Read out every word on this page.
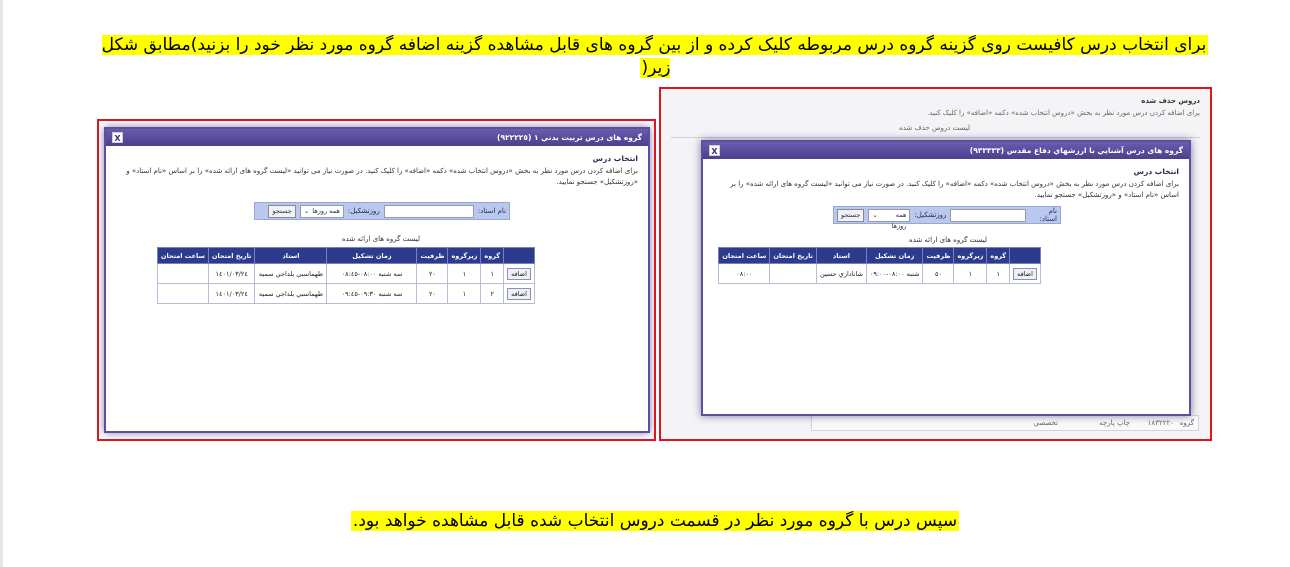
برای انتخاب درس کافیست روی گزینه گروه درس مربوطه کلیک کرده و از بین گروه های قابل مشاهده گزینه اضافه گروه مورد نظر خود را بزنید)مطابق شکل زیر(
گروه های درس تربیت بدني ١ (٩٢٢٢٢٥)
X
انتخاب درس
برای اضافه کردن درس مورد نظر به بخش «دروس انتخاب شده» دکمه «اضافه» را کلیک کنید. در صورت نیاز می توانید «لیست گروه های ارائه شده» را بر اساس «نام استاد» و «روزتشکیل» جستجو نمایید.
نام استاد:
روزتشکیل:
همه روزها
⌄
جستجو
لیست گروه های ارائه شده
	گروه	زیرگروه	ظرفیت	زمان تشکیل	استاد	تاریخ امتحان	ساعت امتحان
اضافه	١	١	٢٠	سه شنبه ٠٨:٠٠-٠٨:٤٥	طهماسبي بلداجي سميه	١٤٠١/٠٣/٢٤	
اضافه	٢	١	٢٠	سه شنبه ٠٩:٣٠-٠٩:٤٥	طهماسبي بلداجي سميه	١٤٠١/٠٣/٢٤	
دروس حذف شده
برای اضافه کردن درس مورد نظر به بخش «دروس انتخاب شده» دکمه «اضافه» را کلیک کنید.
لیست دروس حذف شده
گروه
١٨٣٢٢٢٠
چاپ پارچه
تخصصي
گروه های درس آشنایي با ارزشهاي دفاع مقدس (٩٣٣٣٣٣)
X
انتخاب درس
برای اضافه کردن درس مورد نظر به بخش «دروس انتخاب شده» دکمه «اضافه» را کلیک کنید. در صورت نیاز می توانید «لیست گروه های ارائه شده» را بر اساس «نام استاد» و «روزتشکیل» جستجو نمایید.
نام استاد:
روزتشکیل:
همه روزها
⌄
جستجو
لیست گروه های ارائه شده
	گروه	زیرگروه	ظرفیت	زمان تشکیل	استاد	تاریخ امتحان	ساعت امتحان
اضافه	١	١	٥٠	شنبه ٠٨:٠٠-٠٩:٠٠	شاناداري حسين		٠٨:٠٠
سپس درس با گروه مورد نظر در قسمت دروس انتخاب شده قابل مشاهده خواهد بود.
